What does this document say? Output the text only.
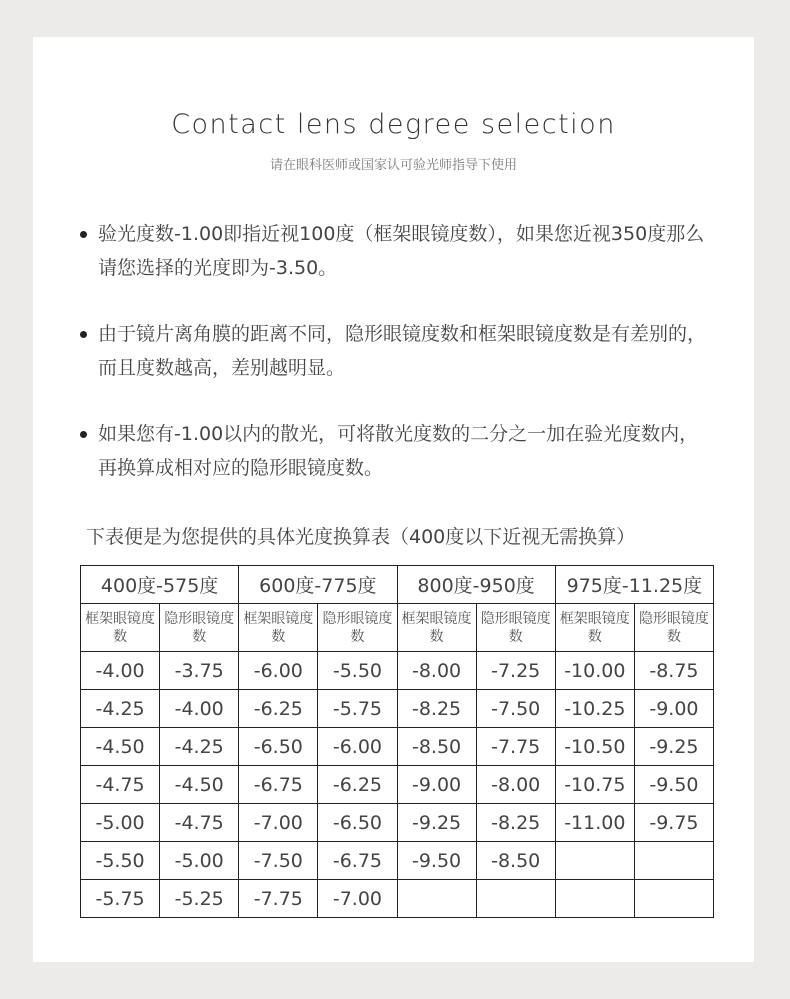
Contact lens degree selection
请在眼科医师或国家认可验光师指导下使用
验光度数-1.00即指近视100度（框架眼镜度数），如果您近视350度那么请您选择的光度即为-3.50。
由于镜片离角膜的距离不同，隐形眼镜度数和框架眼镜度数是有差别的，而且度数越高，差别越明显。
如果您有-1.00以内的散光，可将散光度数的二分之一加在验光度数内，再换算成相对应的隐形眼镜度数。
下表便是为您提供的具体光度换算表（400度以下近视无需换算）
400度-575度		600度-775度		800度-950度		975度-11.25度	
框架眼镜度数	隐形眼镜度数	框架眼镜度数	隐形眼镜度数	框架眼镜度数	隐形眼镜度数	框架眼镜度数	隐形眼镜度数
-4.00	-3.75	-6.00	-5.50	-8.00	-7.25	-10.00	-8.75
-4.25	-4.00	-6.25	-5.75	-8.25	-7.50	-10.25	-9.00
-4.50	-4.25	-6.50	-6.00	-8.50	-7.75	-10.50	-9.25
-4.75	-4.50	-6.75	-6.25	-9.00	-8.00	-10.75	-9.50
-5.00	-4.75	-7.00	-6.50	-9.25	-8.25	-11.00	-9.75
-5.50	-5.00	-7.50	-6.75	-9.50	-8.50		
-5.75	-5.25	-7.75	-7.00				
